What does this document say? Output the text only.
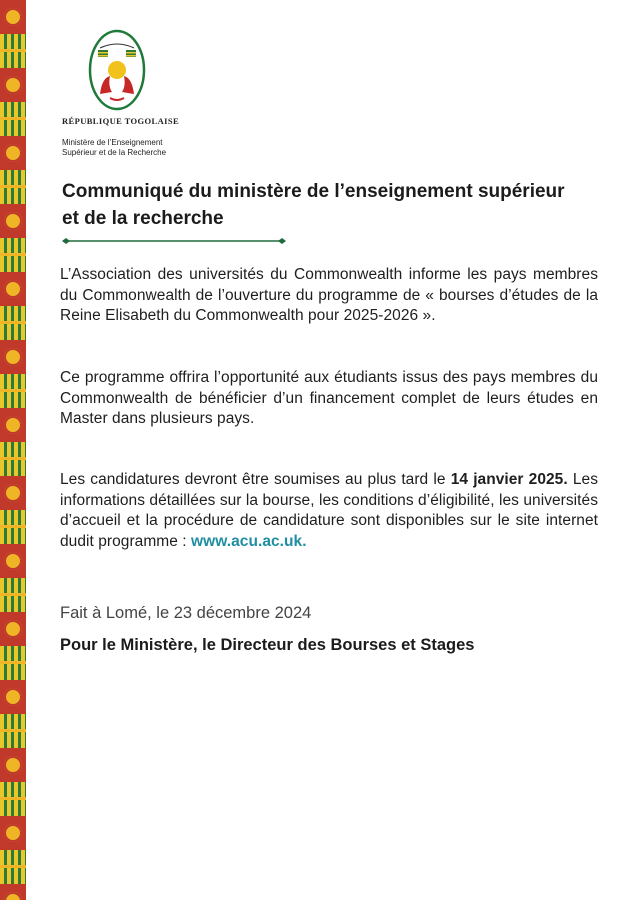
RÉPUBLIQUE TOGOLAISE
Ministère de l’Enseignement
Supérieur et de la Recherche
Communiqué du ministère de l’enseignement supérieur et de la recherche
L’Association des universités du Commonwealth informe les pays membres du Commonwealth de l’ouverture du programme de « bourses d’études de la Reine Elisabeth du Commonwealth pour 2025-2026 ».
Ce programme offrira l’opportunité aux étudiants issus des pays membres du Commonwealth de bénéficier d’un financement complet de leurs études en Master dans plusieurs pays.
Les candidatures devront être soumises au plus tard le 14 janvier 2025. Les informations détaillées sur la bourse, les conditions d’éligibilité, les universités d’accueil et la procédure de candidature sont disponibles sur le site internet dudit programme : www.acu.ac.uk.
Fait à Lomé, le 23 décembre 2024
Pour le Ministère, le Directeur des Bourses et Stages
